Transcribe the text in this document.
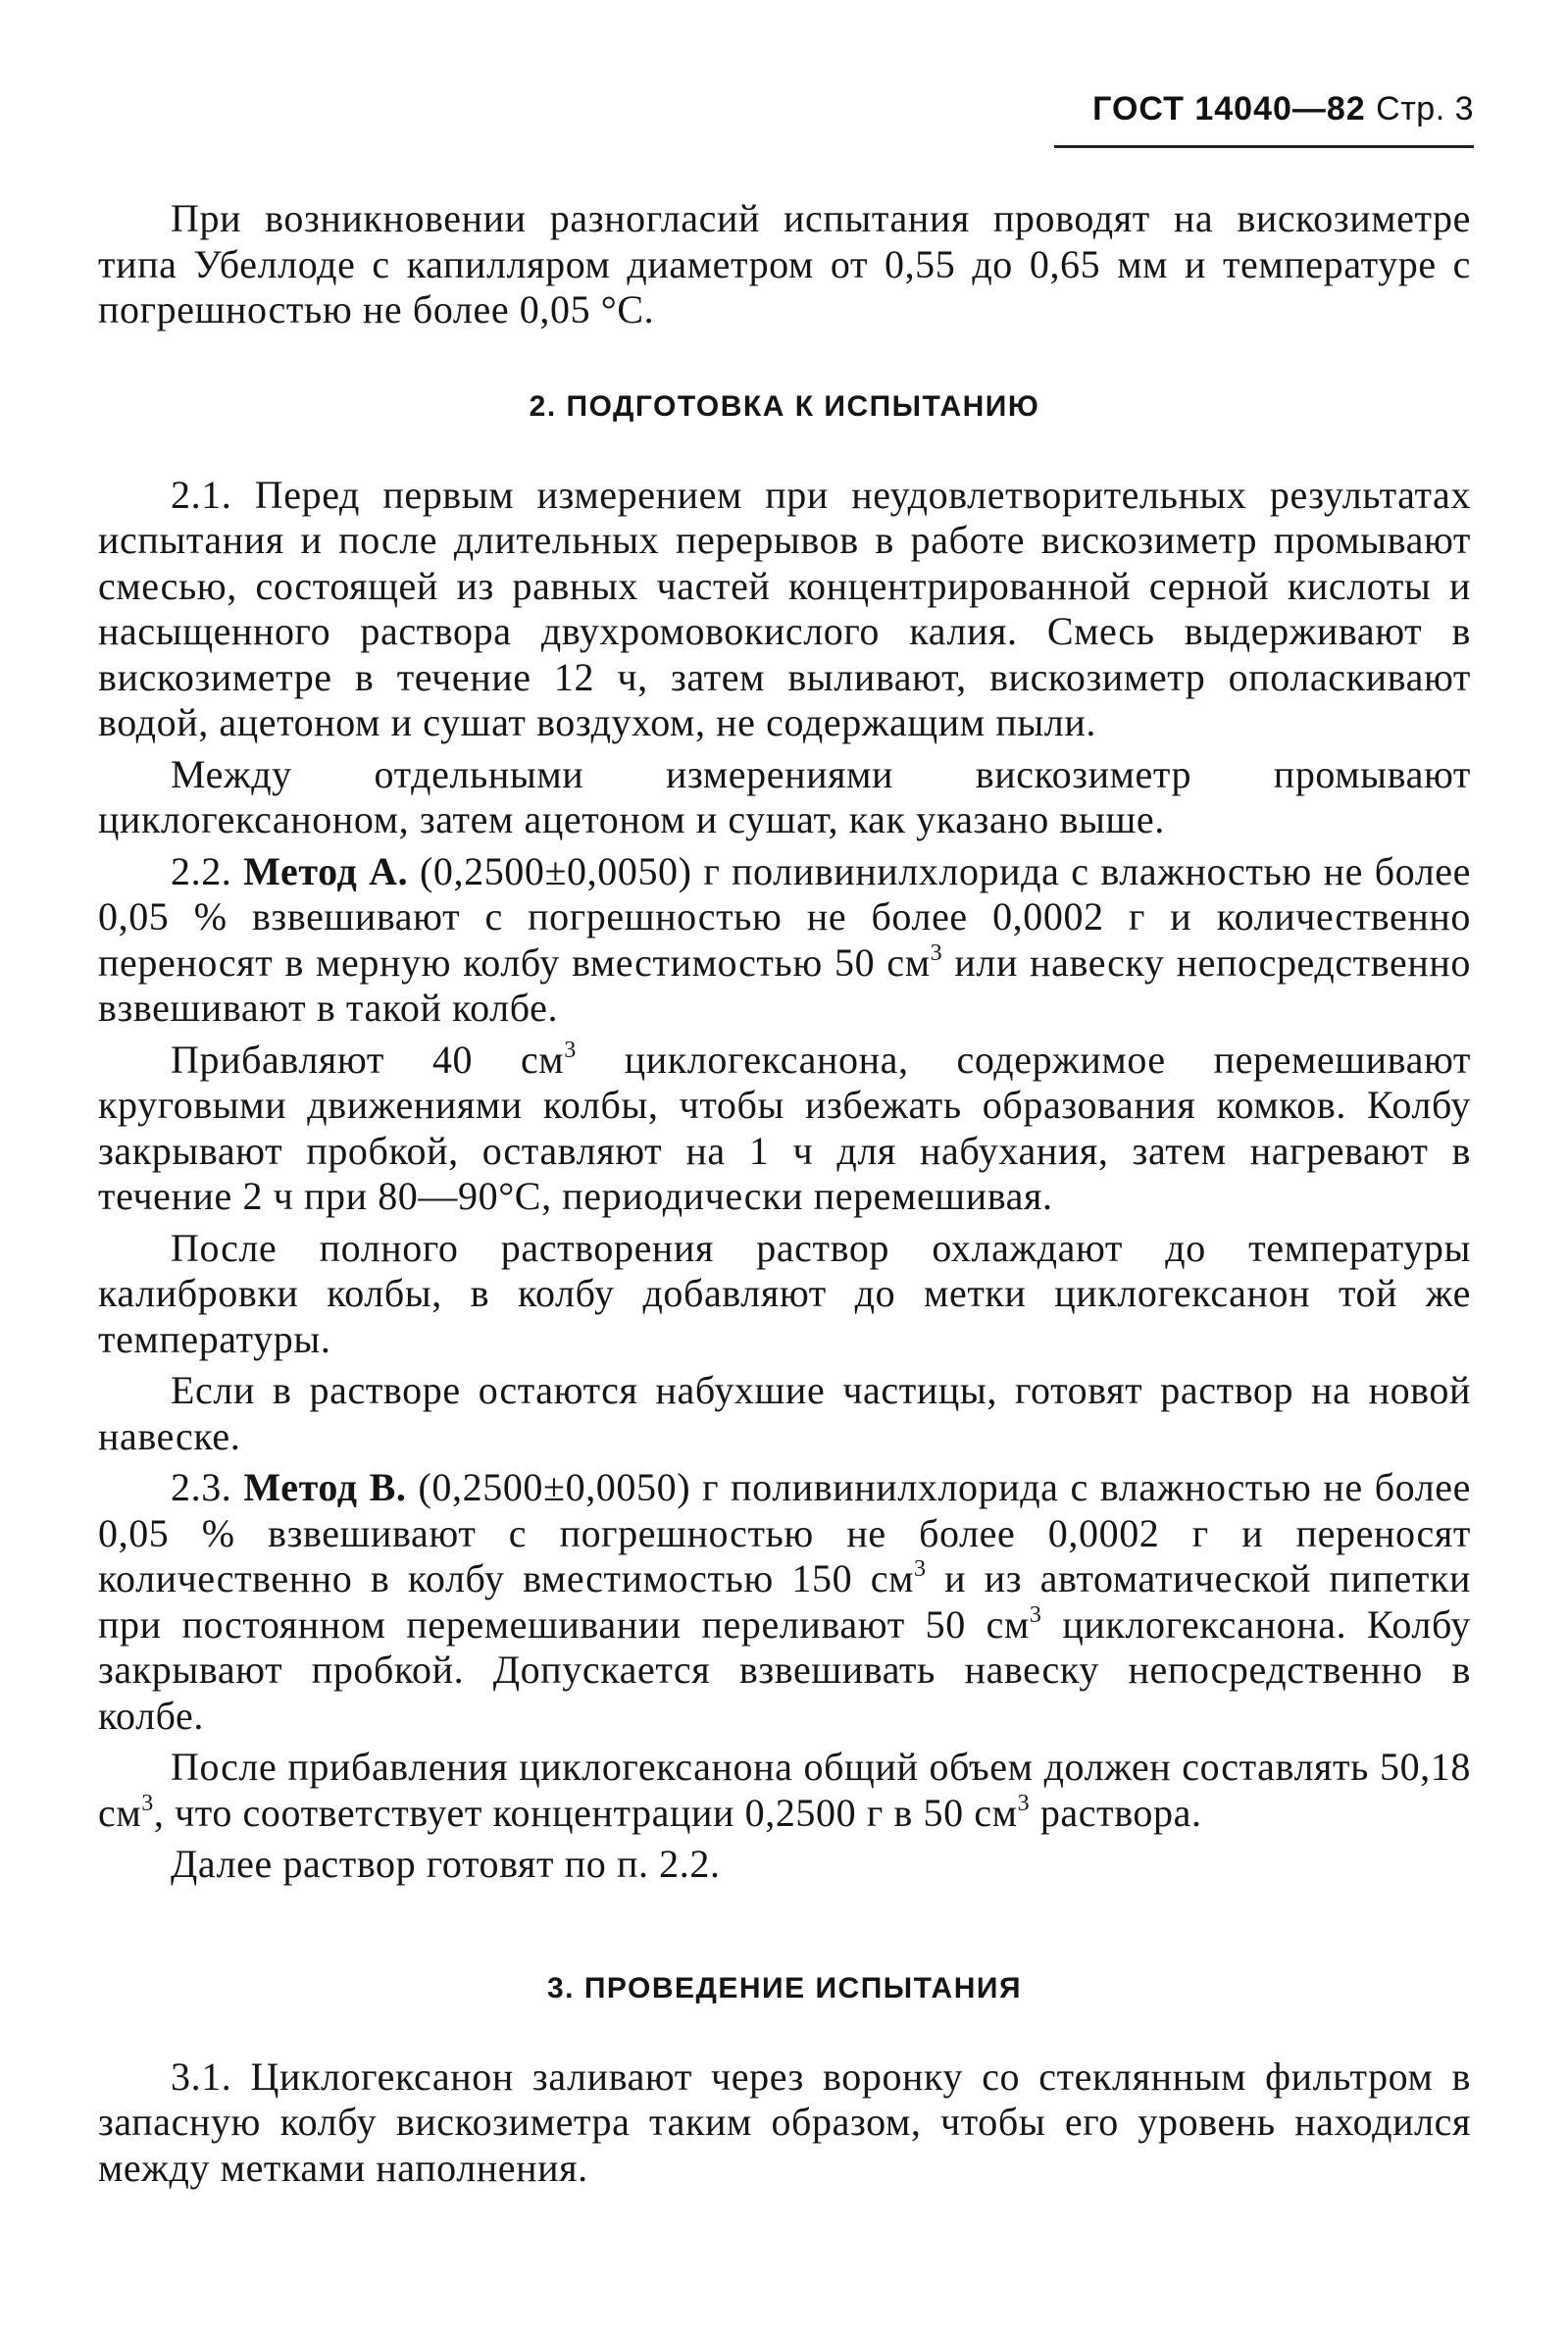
ГОСТ 14040—82 Стр. 3

При возникновении разногласий испытания проводят на вискозиметре типа Убеллоде с капилляром диаметром от 0,55 до 0,65 мм и температуре с погрешностью не более 0,05 °С.

2. ПОДГОТОВКА К ИСПЫТАНИЮ

2.1. Перед первым измерением при неудовлетворительных результатах испытания и после длительных перерывов в работе вискозиметр промывают смесью, состоящей из равных частей концентрированной серной кислоты и насыщенного раствора двухромовокислого калия. Смесь выдерживают в вискозиметре в течение 12 ч, затем выливают, вискозиметр ополаскивают водой, ацетоном и сушат воздухом, не содержащим пыли.

Между отдельными измерениями вискозиметр промывают циклогексаноном, затем ацетоном и сушат, как указано выше.

2.2. Метод А. (0,2500±0,0050) г поливинилхлорида с влажностью не более 0,05 % взвешивают с погрешностью не более 0,0002 г и количественно переносят в мерную колбу вместимостью 50 $см^3$ или навеску непосредственно взвешивают в такой колбе.

Прибавляют 40 $см^3$ циклогексанона, содержимое перемешивают круговыми движениями колбы, чтобы избежать образования комков. Колбу закрывают пробкой, оставляют на 1 ч для набухания, затем нагревают в течение 2 ч при 80—90°С, периодически перемешивая.

После полного растворения раствор охлаждают до температуры калибровки колбы, в колбу добавляют до метки циклогексанон той же температуры.

Если в растворе остаются набухшие частицы, готовят раствор на новой навеске.

2.3. Метод В. (0,2500±0,0050) г поливинилхлорида с влажностью не более 0,05 % взвешивают с погрешностью не более 0,0002 г и переносят количественно в колбу вместимостью 150 $см^3$ и из автоматической пипетки при постоянном перемешивании переливают 50 $см^3$ циклогексанона. Колбу закрывают пробкой. Допускается взвешивать навеску непосредственно в колбе.

После прибавления циклогексанона общий объем должен составлять 50,18 $см^3$, что соответствует концентрации 0,2500 г в 50 $см^3$ раствора.

Далее раствор готовят по п. 2.2.

3. ПРОВЕДЕНИЕ ИСПЫТАНИЯ

3.1. Циклогексанон заливают через воронку со стеклянным фильтром в запасную колбу вискозиметра таким образом, чтобы его уровень находился между метками наполнения.
